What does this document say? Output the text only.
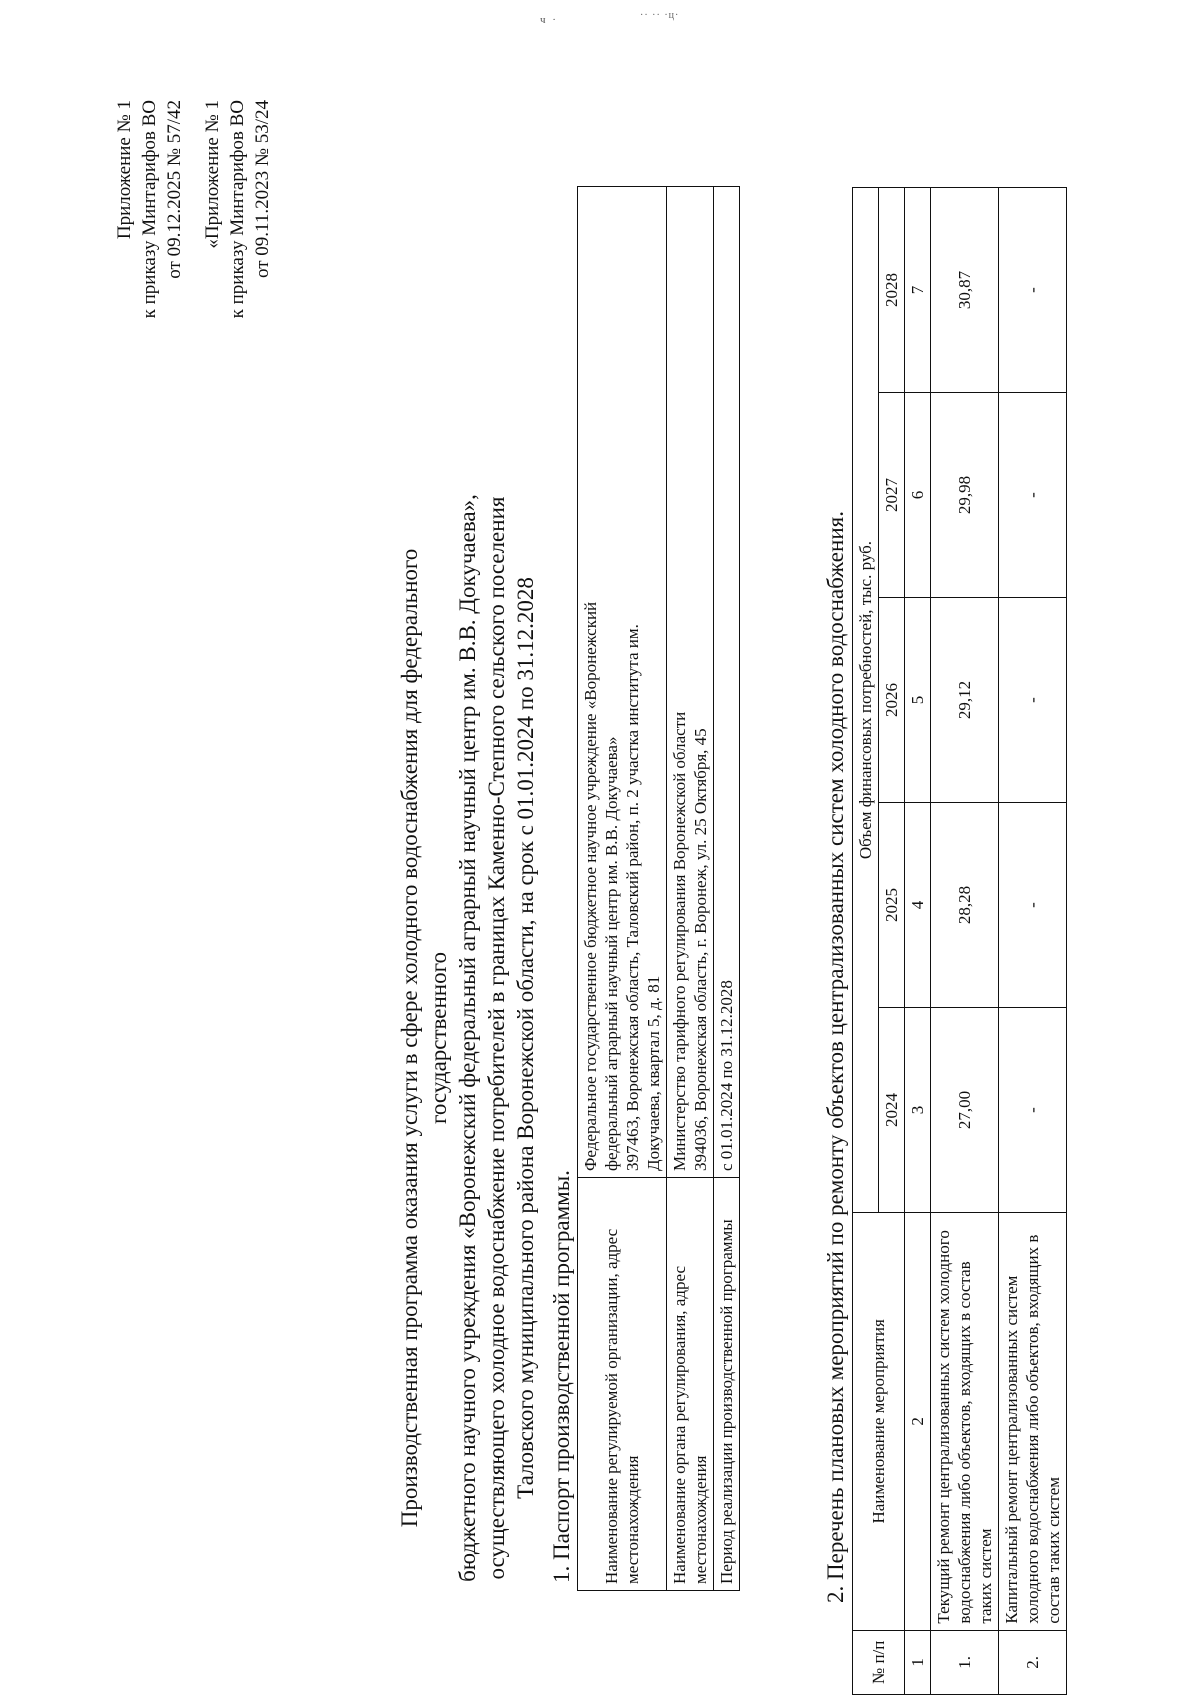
ч ·	·· ·· ·ц·
Приложение № 1 к приказу Минтарифов ВО от 09.12.2025 № 57/42 «Приложение № 1 к приказу Минтарифов ВО от 09.11.2023 № 53/24
Производственная программа оказания услуги в сфере холодного водоснабжения для федерального государственного бюджетного научного учреждения «Воронежский федеральный аграрный научный центр им. В.В. Докучаева», осуществляющего холодное водоснабжение потребителей в границах Каменно-Степного сельского поселения Таловского муниципального района Воронежской области, на срок с 01.01.2024 по 31.12.2028 1. Паспорт производственной программы. Наименование регулируемой организации, адрес местонахождения	Федеральное государственное бюджетное научное учреждение «Воронежский федеральный аграрный научный центр им. В.В. Докучаева» 397463, Воронежская область, Таловский район, п. 2 участка института им. Докучаева, квартал 5, д. 81

Наименование органа регулирования, адрес местонахождения	Министерство тарифного регулирования Воронежской области 394036, Воронежская область, г. Воронеж, ул. 25 Октября, 45

Период реализации производственной программы	с 01.01.2024 по 31.12.2028	2. Перечень плановых мероприятий по ремонту объектов централизованных систем холодного водоснабжения.
№ п/п	Наименование мероприятия	Объем финансовых потребностей, тыс. руб.				
		2024	2025	2026	2027	2028
1	2	3	4	5	6	7
1.	Текущий ремонт централизованных систем холодного водоснабжения либо объектов, входящих в состав таких систем	27,00	28,28	29,12	29,98	30,87
2.	Капитальный ремонт централизованных систем холодного водоснабжения либо объектов, входящих в состав таких систем	-	-	-	-	-
